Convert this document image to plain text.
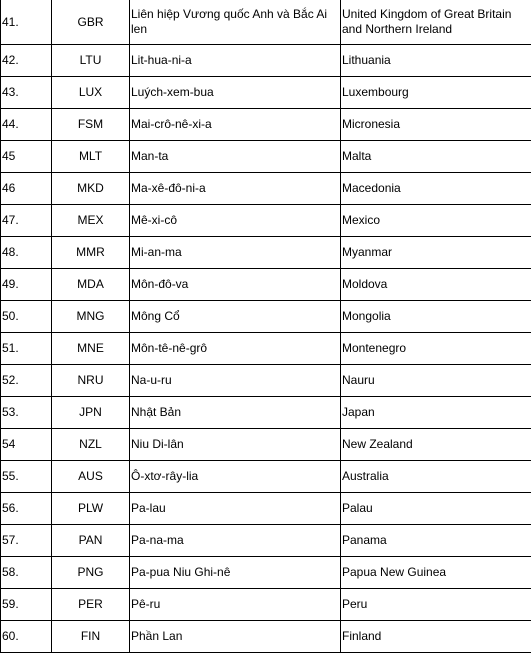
41.	GBR	Liên hiệp Vương quốc Anh và Bắc Ai len	United Kingdom of Great Britain and Northern Ireland
42.	LTU	Lit-hua-ni-a	Lithuania
43.	LUX	Luých-xem-bua	Luxembourg
44.	FSM	Mai-crô-nê-xi-a	Micronesia
45	MLT	Man-ta	Malta
46	MKD	Ma-xê-đô-ni-a	Macedonia
47.	MEX	Mê-xi-cô	Mexico
48.	MMR	Mi-an-ma	Myanmar
49.	MDA	Môn-đô-va	Moldova
50.	MNG	Mông Cổ	Mongolia
51.	MNE	Môn-tê-nê-grô	Montenegro
52.	NRU	Na-u-ru	Nauru
53.	JPN	Nhật Bản	Japan
54	NZL	Niu Di-lân	New Zealand
55.	AUS	Ô-xtơ-rây-lia	Australia
56.	PLW	Pa-lau	Palau
57.	PAN	Pa-na-ma	Panama
58.	PNG	Pa-pua Niu Ghi-nê	Papua New Guinea
59.	PER	Pê-ru	Peru
60.	FIN	Phần Lan	Finland
